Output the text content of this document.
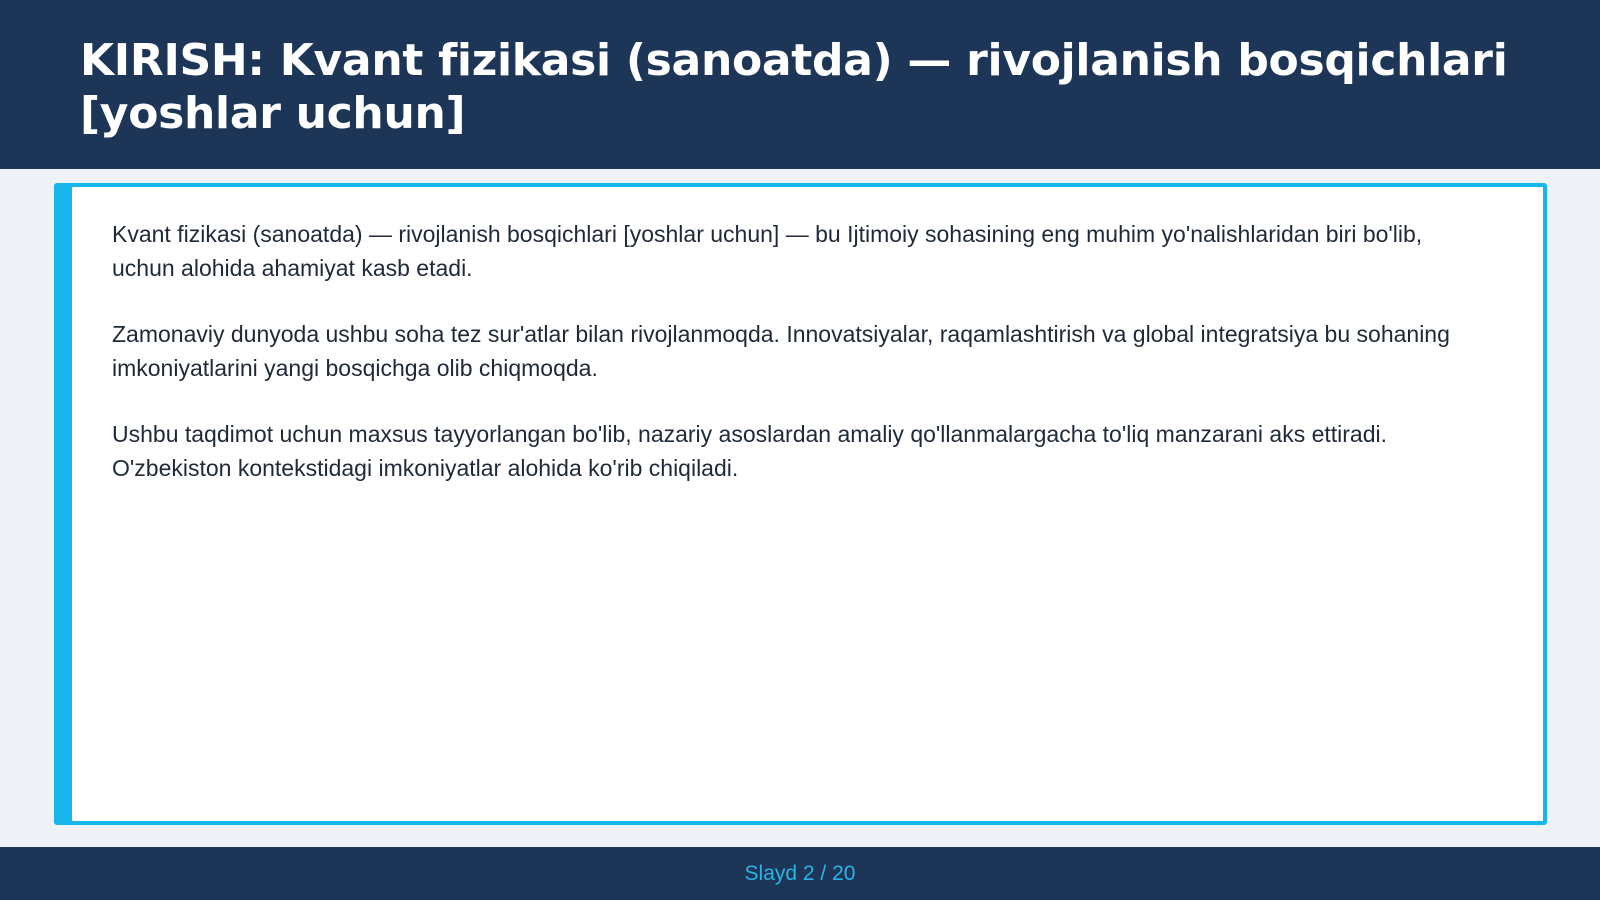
KIRISH: Kvant fizikasi (sanoatda) — rivojlanish bosqichlari [yoshlar uchun]

Kvant fizikasi (sanoatda) — rivojlanish bosqichlari [yoshlar uchun] — bu Ijtimoiy sohasining eng muhim yo'nalishlaridan biri bo'lib, uchun alohida ahamiyat kasb etadi.

Zamonaviy dunyoda ushbu soha tez sur'atlar bilan rivojlanmoqda. Innovatsiyalar, raqamlashtirish va global integratsiya bu sohaning imkoniyatlarini yangi bosqichga olib chiqmoqda.

Ushbu taqdimot uchun maxsus tayyorlangan bo'lib, nazariy asoslardan amaliy qo'llanmalargacha to'liq manzarani aks ettiradi. O'zbekiston kontekstidagi imkoniyatlar alohida ko'rib chiqiladi.

Slayd 2 / 20
